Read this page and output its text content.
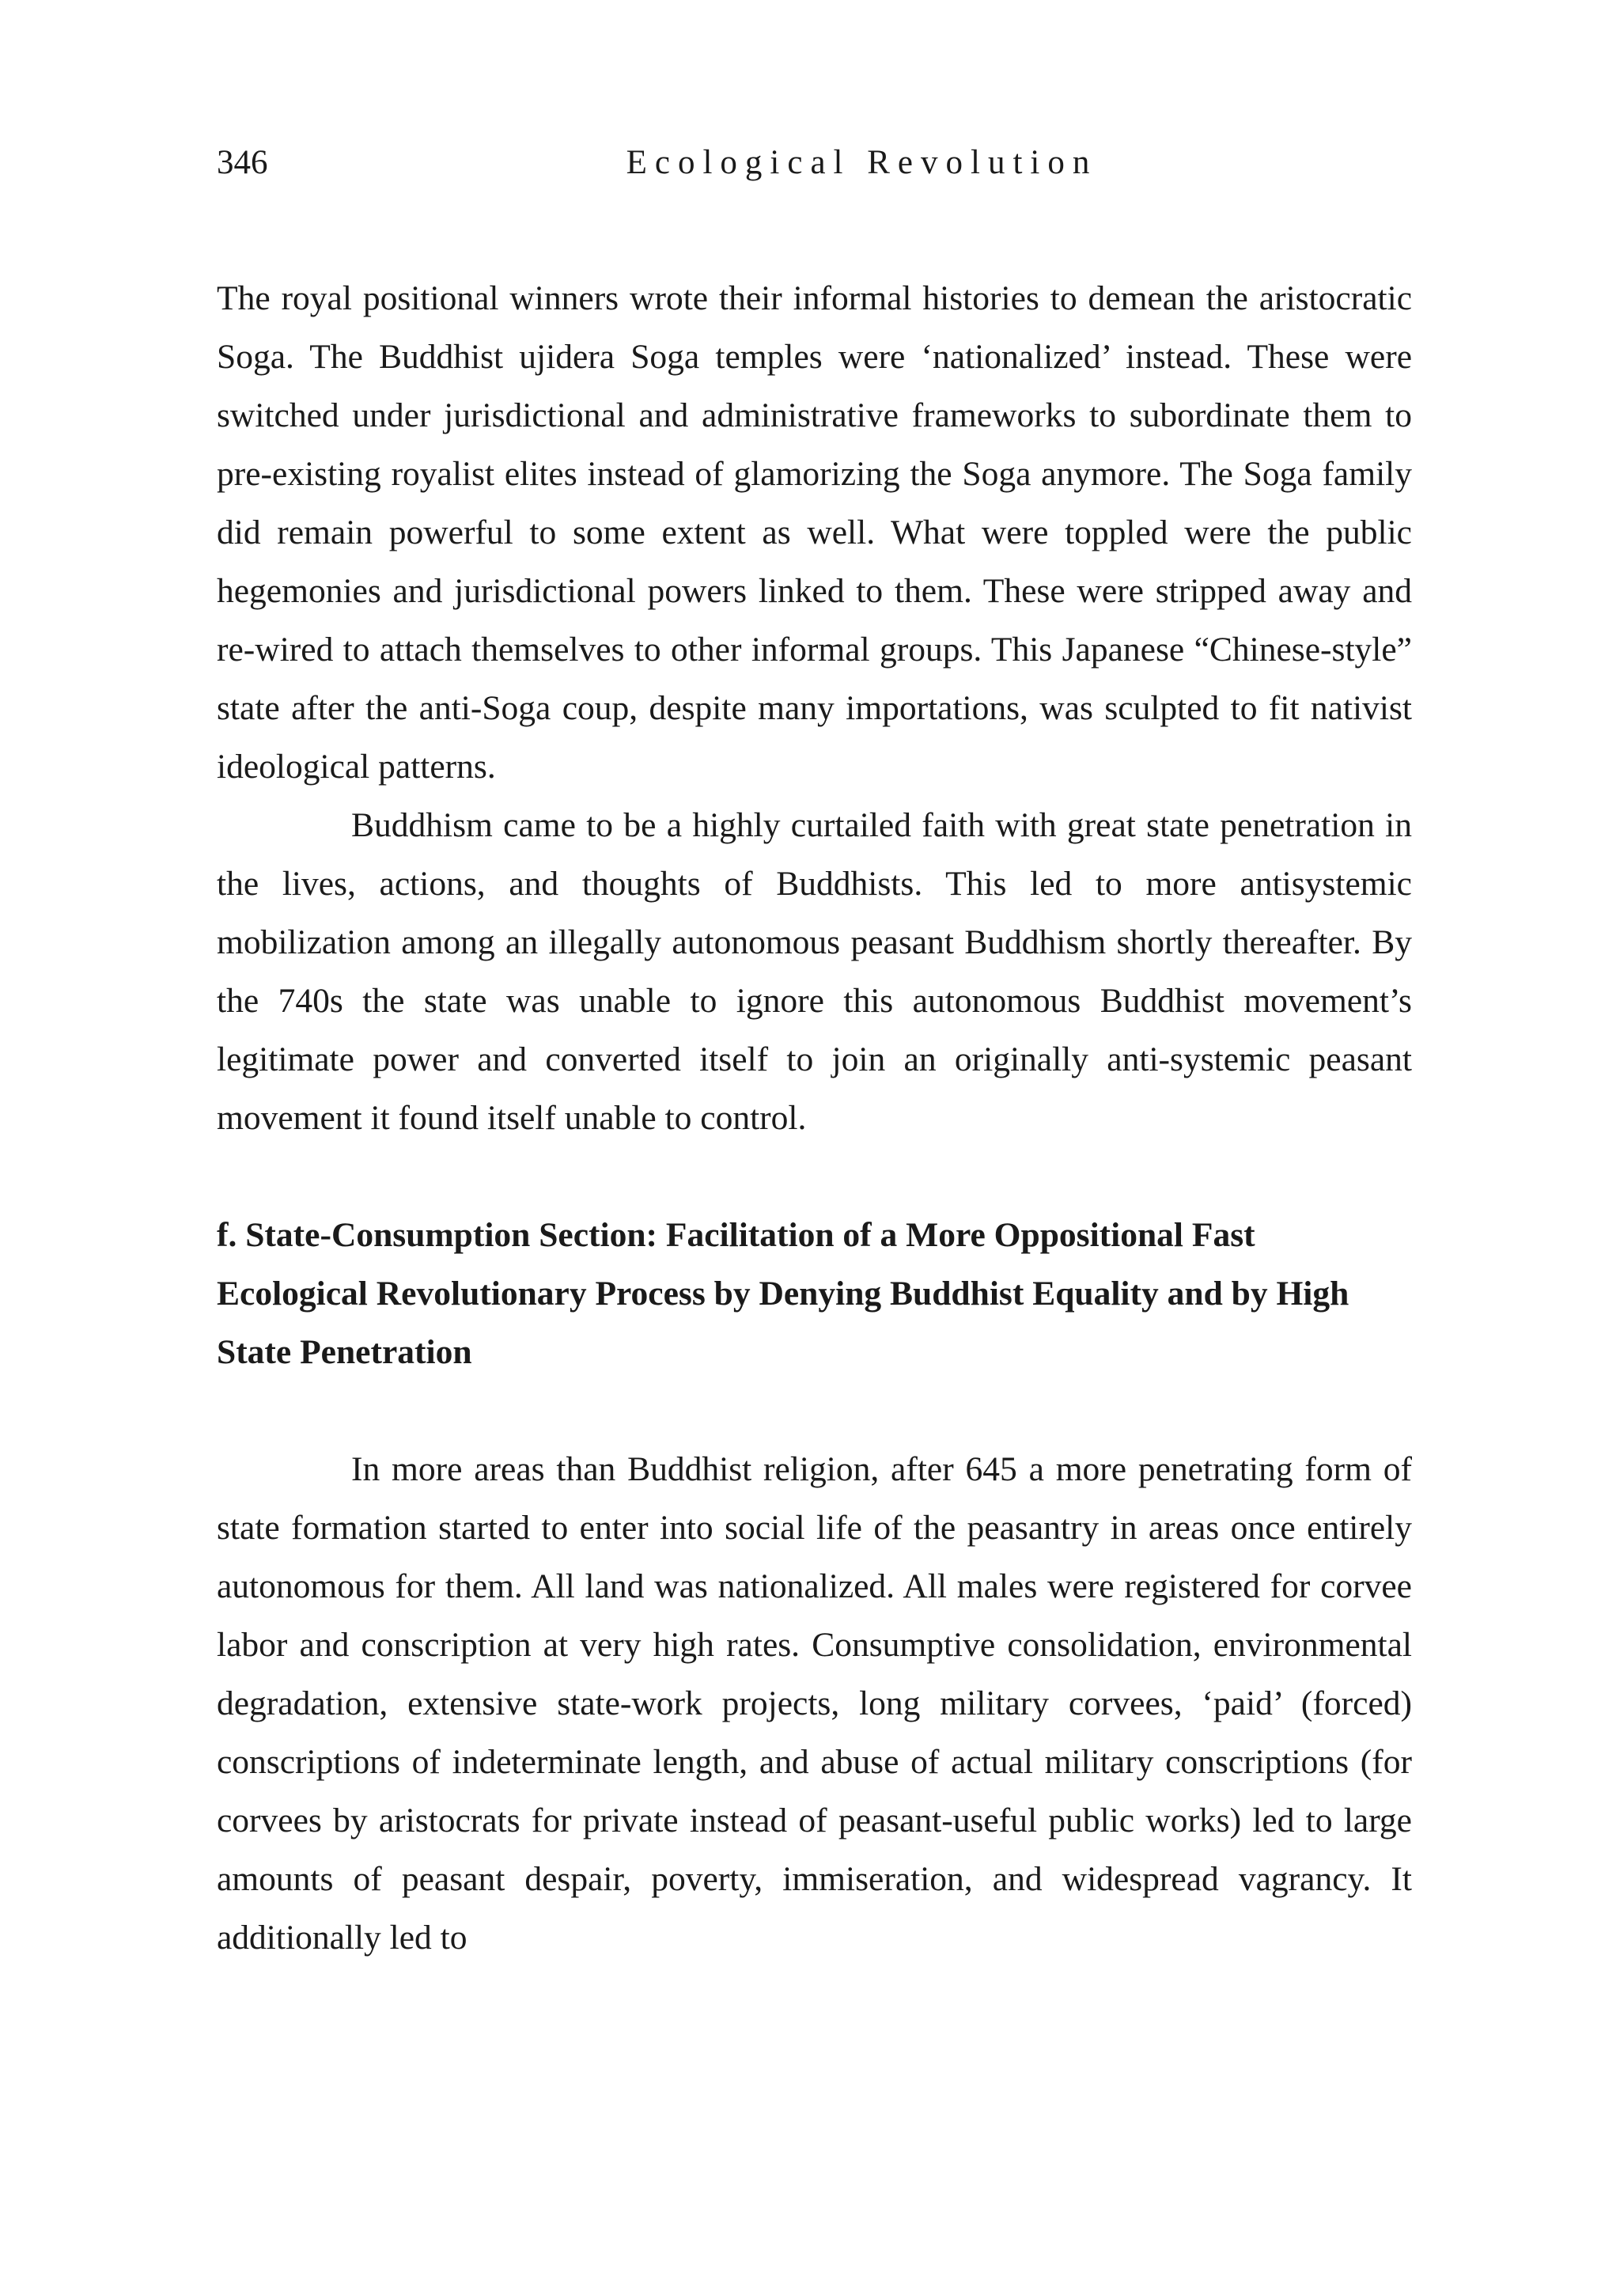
346	Ecological Revolution

The royal positional winners wrote their informal histories to demean the aristocratic Soga. The Buddhist ujidera Soga temples were ‘nationalized’ instead. These were switched under jurisdictional and administrative frameworks to subordinate them to pre-existing royalist elites instead of glamorizing the Soga anymore. The Soga family did remain powerful to some extent as well. What were toppled were the public hegemonies and jurisdictional powers linked to them. These were stripped away and re-wired to attach themselves to other informal groups. This Japanese “Chinese-style” state after the anti-Soga coup, despite many importations, was sculpted to fit nativist ideological patterns.

Buddhism came to be a highly curtailed faith with great state penetration in the lives, actions, and thoughts of Buddhists. This led to more antisystemic mobilization among an illegally autonomous peasant Buddhism shortly thereafter. By the 740s the state was unable to ignore this autonomous Buddhist movement’s legitimate power and converted itself to join an originally anti-systemic peasant movement it found itself unable to control.

f. State-Consumption Section: Facilitation of a More Oppositional Fast Ecological Revolutionary Process by Denying Buddhist Equality and by High State Penetration

In more areas than Buddhist religion, after 645 a more penetrating form of state formation started to enter into social life of the peasantry in areas once entirely autonomous for them. All land was nationalized. All males were registered for corvee labor and conscription at very high rates. Consumptive consolidation, environmental degradation, extensive state-work projects, long military corvees, ‘paid’ (forced) conscriptions of indeterminate length, and abuse of actual military conscriptions (for corvees by aristocrats for private instead of peasant-useful public works) led to large amounts of peasant despair, poverty, immiseration, and widespread vagrancy. It additionally led to
